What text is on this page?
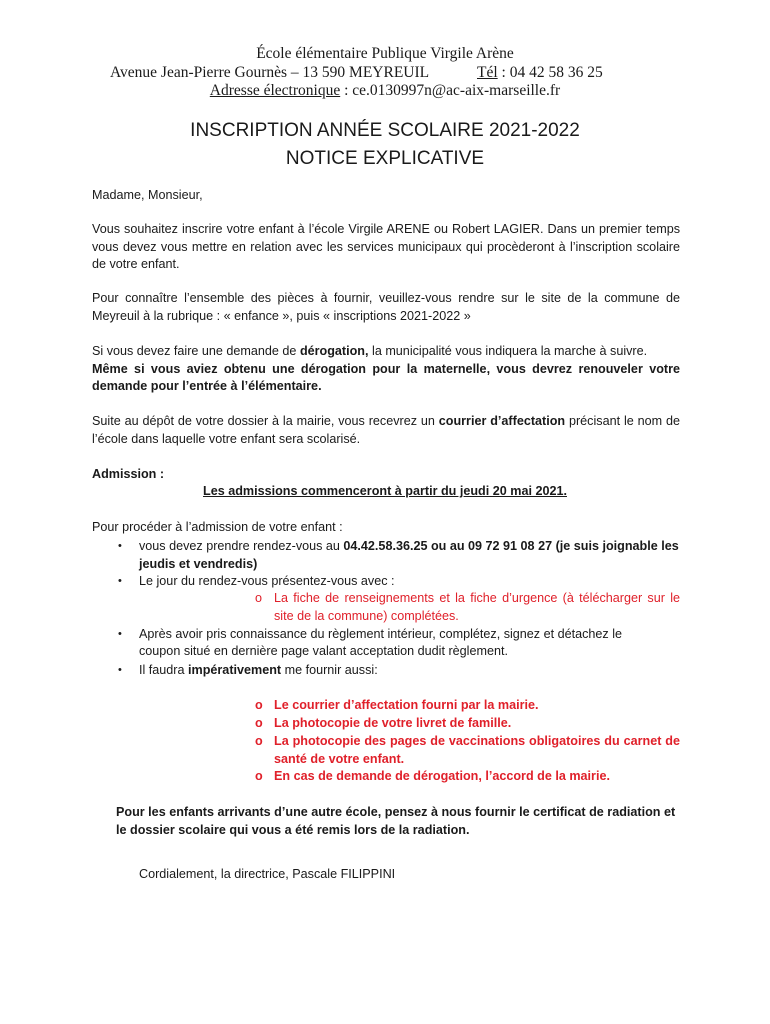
École élémentaire Publique Virgile Arène
Avenue Jean-Pierre Gournès – 13 590 MEYREUIL	Tél : 04 42 58 36 25
Adresse électronique : ce.0130997n@ac-aix-marseille.fr
INSCRIPTION ANNÉE SCOLAIRE 2021-2022
NOTICE EXPLICATIVE
Madame, Monsieur,
Vous souhaitez inscrire votre enfant à l’école Virgile ARENE ou Robert LAGIER. Dans un premier temps vous devez vous mettre en relation avec les services municipaux qui procèderont à l’inscription scolaire de votre enfant.
Pour connaître l’ensemble des pièces à fournir, veuillez-vous rendre sur le site de la commune de Meyreuil à la rubrique : « enfance », puis « inscriptions 2021-2022 »
Si vous devez faire une demande de dérogation, la municipalité vous indiquera la marche à suivre.
Même si vous aviez obtenu une dérogation pour la maternelle, vous devrez renouveler votre demande pour l’entrée à l’élémentaire.
Suite au dépôt de votre dossier à la mairie, vous recevrez un courrier d’affectation précisant le nom de l’école dans laquelle votre enfant sera scolarisé.
Admission :
Les admissions commenceront à partir du jeudi 20 mai 2021.
Pour procéder à l’admission de votre enfant :
• vous devez prendre rendez-vous au 04.42.58.36.25 ou au 09 72 91 08 27 (je suis joignable les jeudis et vendredis)
• Le jour du rendez-vous présentez-vous avec :
o La fiche de renseignements et la fiche d’urgence (à télécharger sur le site de la commune) complétées.
• Après avoir pris connaissance du règlement intérieur, complétez, signez et détachez le
coupon situé en dernière page valant acceptation dudit règlement.
• Il faudra impérativement me fournir aussi:
o Le courrier d’affectation fourni par la mairie.
o La photocopie de votre livret de famille.
o La photocopie des pages de vaccinations obligatoires du carnet de santé de votre enfant.
o En cas de demande de dérogation, l’accord de la mairie.
Pour les enfants arrivants d’une autre école, pensez à nous fournir le certificat de radiation et le dossier scolaire qui vous a été remis lors de la radiation.
Cordialement, la directrice, Pascale FILIPPINI
